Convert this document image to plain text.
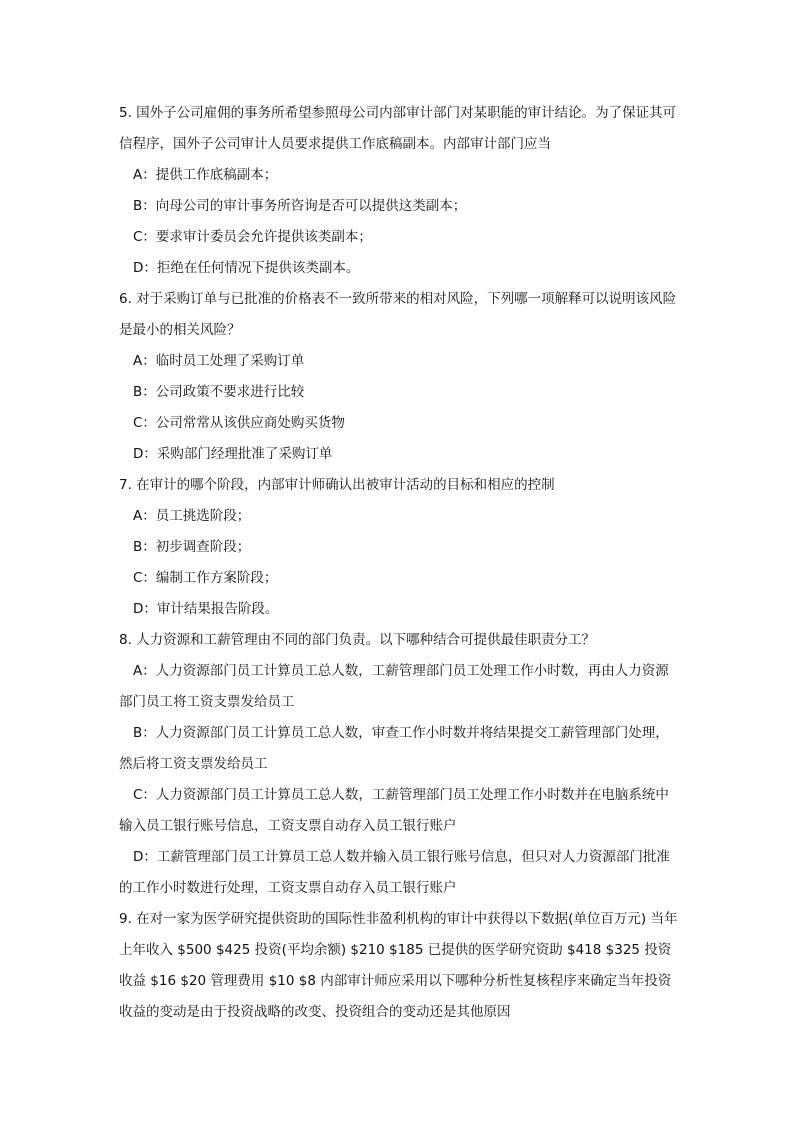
5. 国外子公司雇佣的事务所希望参照母公司内部审计部门对某职能的审计结论。为了保证其可信程序，国外子公司审计人员要求提供工作底稿副本。内部审计部门应当

A：提供工作底稿副本；

B：向母公司的审计事务所咨询是否可以提供这类副本；

C：要求审计委员会允许提供该类副本；

D：拒绝在任何情况下提供该类副本。

6. 对于采购订单与已批准的价格表不一致所带来的相对风险，下列哪一项解释可以说明该风险是最小的相关风险？

A：临时员工处理了采购订单

B：公司政策不要求进行比较

C：公司常常从该供应商处购买货物

D：采购部门经理批准了采购订单

7. 在审计的哪个阶段，内部审计师确认出被审计活动的目标和相应的控制

A：员工挑选阶段；

B：初步调查阶段；

C：编制工作方案阶段；

D：审计结果报告阶段。

8. 人力资源和工薪管理由不同的部门负责。以下哪种结合可提供最佳职责分工？

A：人力资源部门员工计算员工总人数，工薪管理部门员工处理工作小时数，再由人力资源部门员工将工资支票发给员工

B：人力资源部门员工计算员工总人数，审查工作小时数并将结果提交工薪管理部门处理，然后将工资支票发给员工

C：人力资源部门员工计算员工总人数，工薪管理部门员工处理工作小时数并在电脑系统中输入员工银行账号信息，工资支票自动存入员工银行账户

D：工薪管理部门员工计算员工总人数并输入员工银行账号信息，但只对人力资源部门批准的工作小时数进行处理，工资支票自动存入员工银行账户

9. 在对一家为医学研究提供资助的国际性非盈利机构的审计中获得以下数据(单位百万元) 当年 上年收入 $500 $425 投资(平均余额) $210 $185 已提供的医学研究资助 $418 $325 投资收益 $16 $20 管理费用 $10 $8 内部审计师应采用以下哪种分析性复核程序来确定当年投资收益的变动是由于投资战略的改变、投资组合的变动还是其他原因
